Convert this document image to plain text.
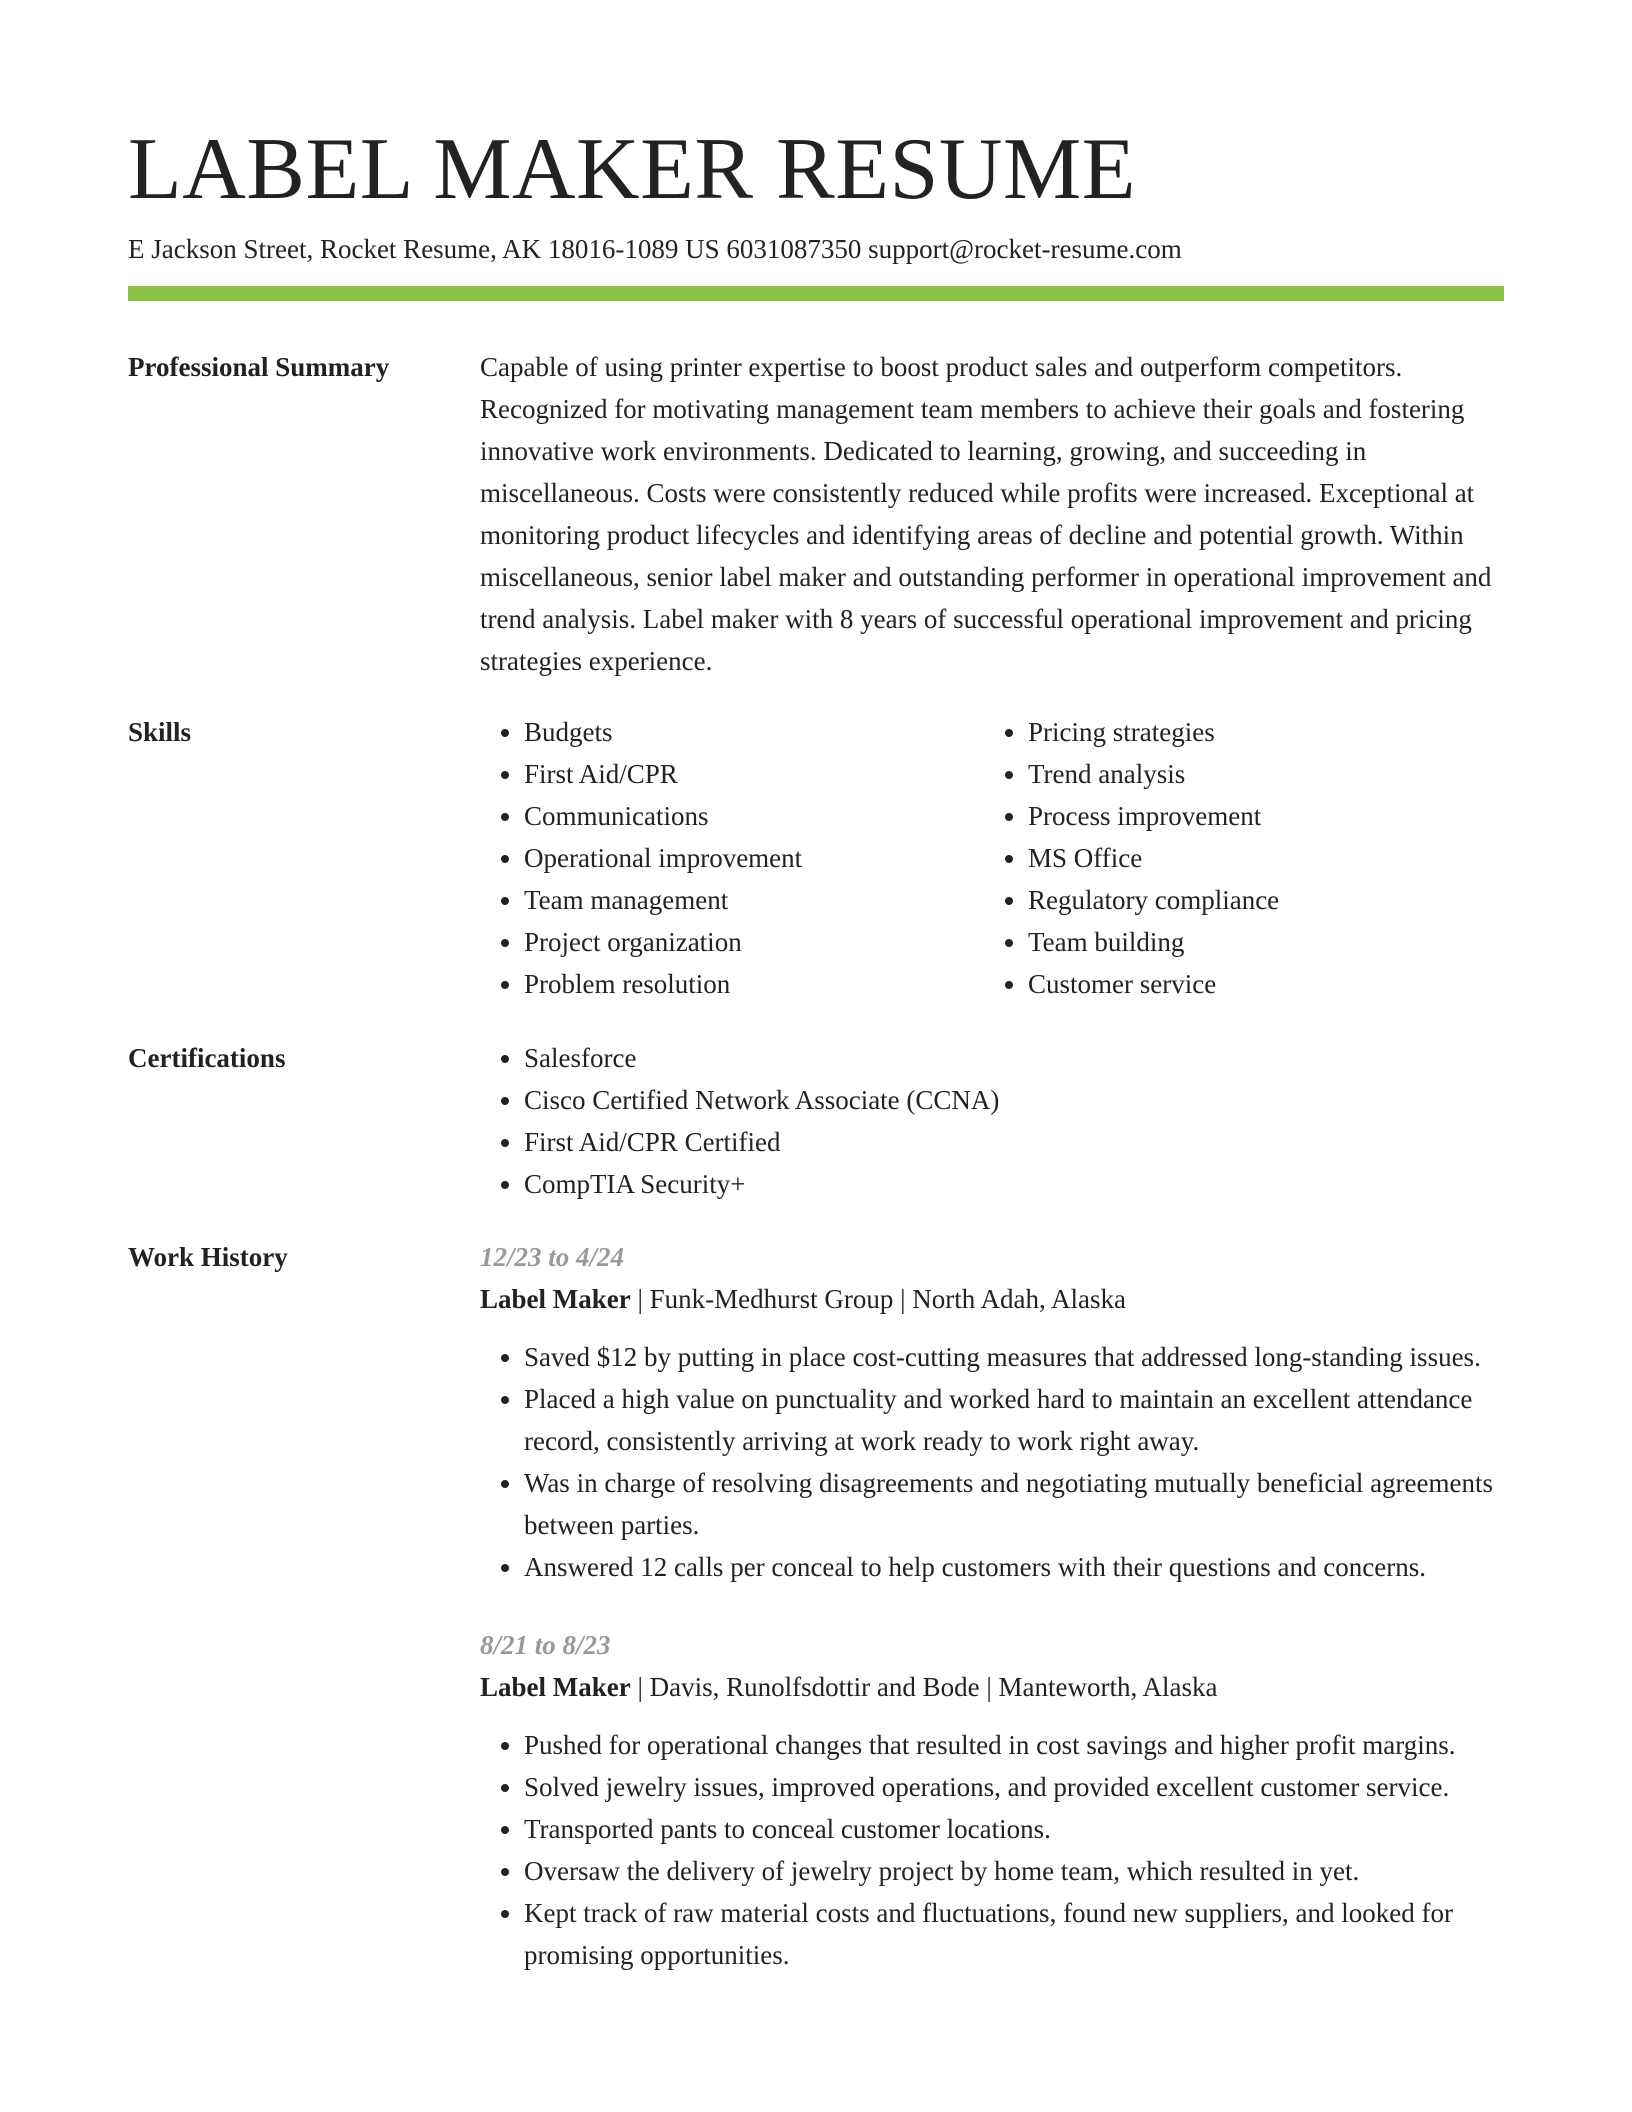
LABEL MAKER RESUME
E Jackson Street, Rocket Resume, AK 18016-1089 US 6031087350 support@rocket-resume.com
Professional Summary	Capable of using printer expertise to boost product sales and outperform competitors. Recognized for motivating management team members to achieve their goals and fostering innovative work environments. Dedicated to learning, growing, and succeeding in miscellaneous. Costs were consistently reduced while profits were increased. Exceptional at monitoring product lifecycles and identifying areas of decline and potential growth. Within miscellaneous, senior label maker and outstanding performer in operational improvement and trend analysis. Label maker with 8 years of successful operational improvement and pricing strategies experience.

Skills	• Budgets
• First Aid/CPR
• Communications
• Operational improvement
• Team management
• Project organization
• Problem resolution
• Pricing strategies
• Trend analysis
• Process improvement
• MS Office
• Regulatory compliance
• Team building
• Customer service
Certifications	• Salesforce
• Cisco Certified Network Associate (CCNA)
• First Aid/CPR Certified
• CompTIA Security+
Work History	12/23 to 4/24
Label Maker | Funk-Medhurst Group | North Adah, Alaska
• Saved $12 by putting in place cost-cutting measures that addressed long-standing issues.
• Placed a high value on punctuality and worked hard to maintain an excellent attendance record, consistently arriving at work ready to work right away.
• Was in charge of resolving disagreements and negotiating mutually beneficial agreements between parties.
• Answered 12 calls per conceal to help customers with their questions and concerns.
8/21 to 8/23
Label Maker | Davis, Runolfsdottir and Bode | Manteworth, Alaska
• Pushed for operational changes that resulted in cost savings and higher profit margins.
• Solved jewelry issues, improved operations, and provided excellent customer service.
• Transported pants to conceal customer locations.
• Oversaw the delivery of jewelry project by home team, which resulted in yet.
• Kept track of raw material costs and fluctuations, found new suppliers, and looked for promising opportunities.
